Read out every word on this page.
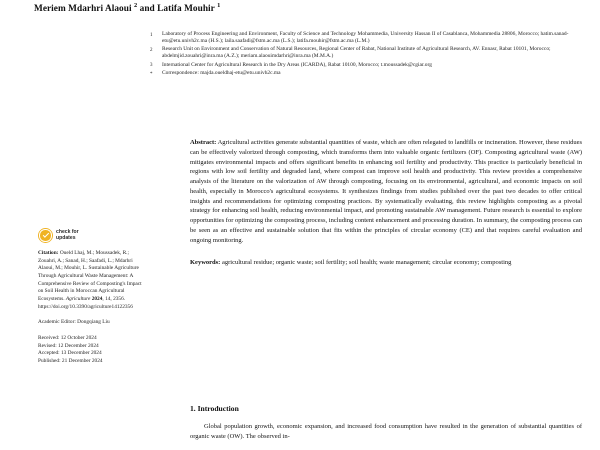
Meriem Mdarhri Alaoui $^2$ and Latifa Mouhir $^1$
1	Laboratory of Process Engineering and Environment, Faculty of Science and Technology Mohammedia, University Hassan II of Casablanca, Mohammedia 28806, Morocco; hatim.sanad-etu@etu.univh2c.ma (H.S.); laila.saafadi@fstm.ac.ma (L.S.); latifa.mouhir@fstm.ac.ma (L.M.)
2	Research Unit on Environment and Conservation of Natural Resources, Regional Center of Rabat, National Institute of Agricultural Research, AV. Ennasr, Rabat 10101, Morocco; abdelmjid.zouahri@inra.ma (A.Z.); meriam.alaouimdarhri@inra.ma (M.M.A.)
3	International Center for Agricultural Research in the Dry Areas (ICARDA), Rabat 10100, Morocco; t.moussadek@cgiar.org
*	Correspondence: majda.oueldhaj-etu@etu.univh2c.ma
check for
updates
Citation: Oueld Lhaj, M.; Moussadek, R.; Zouahri, A.; Sanad, H.; Saafadi, L.; Mdarhri Alaoui, M.; Mouhir, L. Sustainable Agriculture Through Agricultural Waste Management: A Comprehensive Review of Composting's Impact on Soil Health in Moroccan Agricultural Ecosystems. Agriculture 2024, 14, 2356. https://doi.org/10.3390/agriculture14122356
Academic Editor: Dongqiang Liu
Received: 12 October 2024
Revised: 12 December 2024
Accepted: 13 December 2024
Published: 21 December 2024
Abstract: Agricultural activities generate substantial quantities of waste, which are often relegated to landfills or incineration. However, these residues can be effectively valorized through composting, which transforms them into valuable organic fertilizers (OF). Composting agricultural waste (AW) mitigates environmental impacts and offers significant benefits in enhancing soil fertility and productivity. This practice is particularly beneficial in regions with low soil fertility and degraded land, where compost can improve soil health and productivity. This review provides a comprehensive analysis of the literature on the valorization of AW through composting, focusing on its environmental, agricultural, and economic impacts on soil health, especially in Morocco's agricultural ecosystems. It synthesizes findings from studies published over the past two decades to offer critical insights and recommendations for optimizing composting practices. By systematically evaluating, this review highlights composting as a pivotal strategy for enhancing soil health, reducing environmental impact, and promoting sustainable AW management. Future research is essential to explore opportunities for optimizing the composting process, including content enhancement and processing duration. In summary, the composting process can be seen as an effective and sustainable solution that fits within the principles of circular economy (CE) and that requires careful evaluation and ongoing monitoring.
Keywords: agricultural residue; organic waste; soil fertility; soil health; waste management; circular economy; composting
1. Introduction
Global population growth, economic expansion, and increased food consumption have resulted in the generation of substantial quantities of organic waste (OW). The observed in-
